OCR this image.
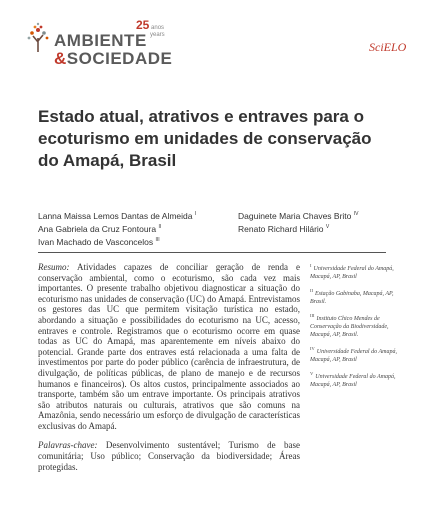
AMBIENTE
&SOCIEDADE
25 anos
years
SciELO
Estado atual, atrativos e entraves para o ecoturismo em unidades de conservação do Amapá, Brasil
Lanna Maissa Lemos Dantas de Almeida $^I$
Ana Gabriela da Cruz Fontoura $^{II}$
Ivan Machado de Vasconcelos $^{III}$
Daguinete Maria Chaves Brito $^{IV}$
Renato Richard Hilário $^V$
Resumo: Atividades capazes de conciliar geração de renda e conservação ambiental, como o ecoturismo, são cada vez mais importantes. O presente trabalho objetivou diagnosticar a situação do ecoturismo nas unidades de conservação (UC) do Amapá. Entrevistamos os gestores das UC que permitem visitação turística no estado, abordando a situação e possibilidades do ecoturismo na UC, acesso, entraves e controle. Registramos que o ecoturismo ocorre em quase todas as UC do Amapá, mas aparentemente em níveis abaixo do potencial. Grande parte dos entraves está relacionada a uma falta de investimentos por parte do poder público (carência de infraestrutura, de divulgação, de políticas públicas, de plano de manejo e de recursos humanos e financeiros). Os altos custos, principalmente associados ao transporte, também são um entrave importante. Os principais atrativos são atributos naturais ou culturais, atrativos que são comuns na Amazônia, sendo necessário um esforço de divulgação de características exclusivas do Amapá.
Palavras-chave: Desenvolvimento sustentável; Turismo de base comunitária; Uso público; Conservação da biodiversidade; Áreas protegidas.
$^I$Universidade Federal do Amapá, Macapá, AP, Brasil
$^{II}$Estação Gabinaba, Macapá, AP, Brasil.
$^{III}$Instituto Chico Mendes de Conservação da Biodiversidade, Macapá, AP, Brasil.
$^{IV}$Universidade Federal do Amapá, Macapá, AP, Brasil
$^V$Universidade Federal do Amapá, Macapá, AP, Brasil
